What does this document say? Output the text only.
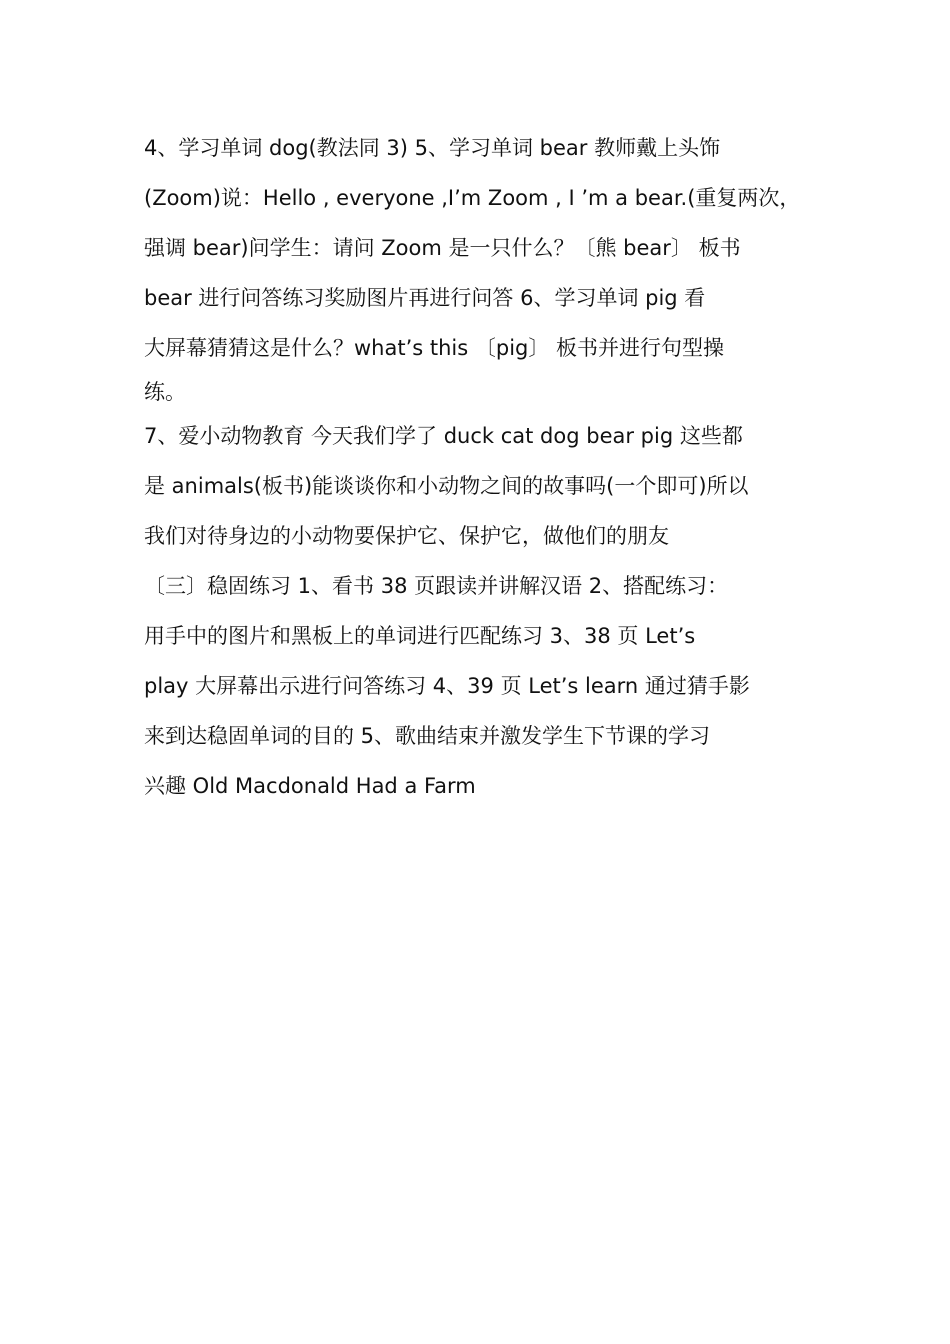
4、学习单词 dog(教法同 3) 5、学习单词 bear 教师戴上头饰
(Zoom)说：Hello , everyone ,I’m Zoom , I ’m a bear.(重复两次，
强调 bear)问学生：请问 Zoom 是一只什么？〔熊 bear〕 板书
bear 进行问答练习奖励图片再进行问答 6、学习单词 pig 看
大屏幕猜猜这是什么？what’s this 〔pig〕 板书并进行句型操
练。
7、爱小动物教育 今天我们学了 duck cat dog bear pig 这些都
是 animals(板书)能谈谈你和小动物之间的故事吗(一个即可)所以
我们对待身边的小动物要保护它、保护它，做他们的朋友
〔三〕稳固练习 1、看书 38 页跟读并讲解汉语 2、搭配练习：
用手中的图片和黑板上的单词进行匹配练习 3、38 页 Let’s
play 大屏幕出示进行问答练习 4、39 页 Let’s learn 通过猜手影
来到达稳固单词的目的 5、歌曲结束并激发学生下节课的学习
兴趣 Old Macdonald Had a Farm
